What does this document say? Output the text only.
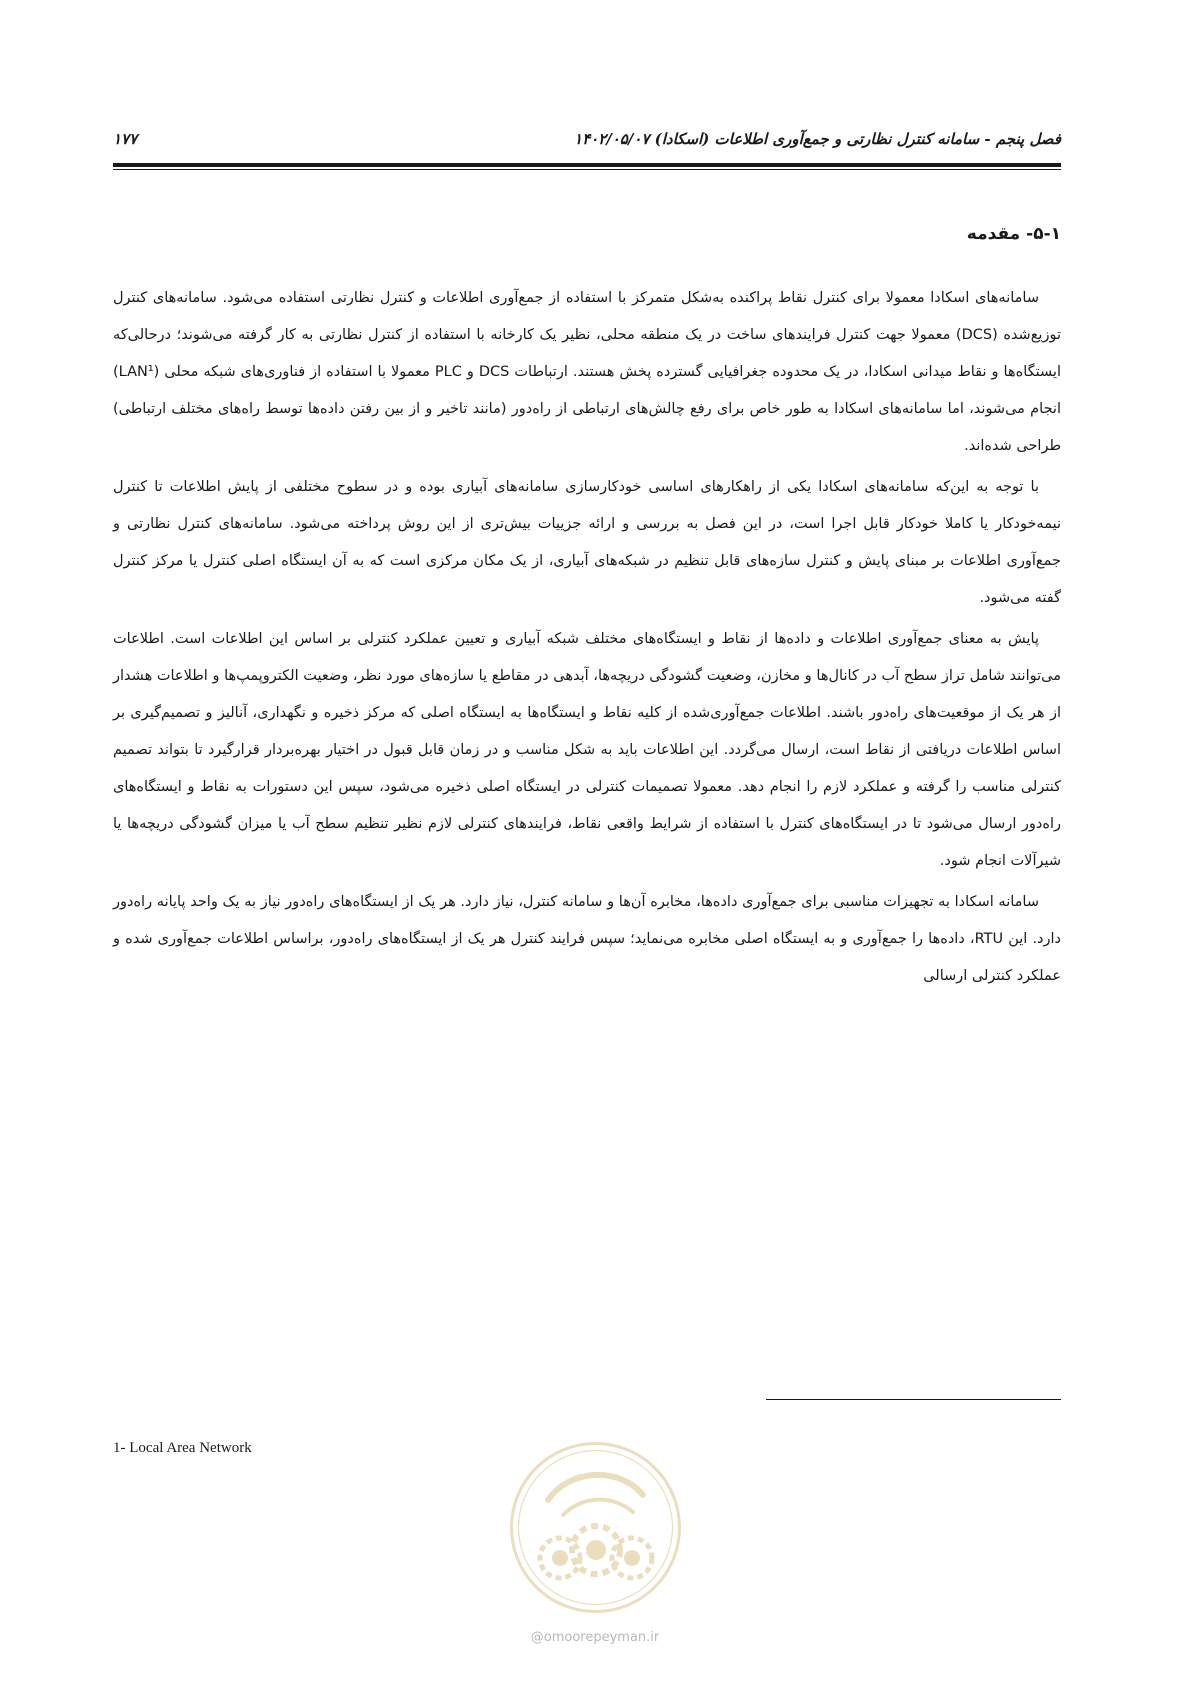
فصل پنجم - سامانه کنترل نظارتی و جمع‌آوری اطلاعات (اسکادا) ۱۴۰۲/۰۵/۰۷
۱۷۷
۵-۱- مقدمه

سامانه‌های اسکادا معمولا برای کنترل نقاط پراکنده به‌شکل متمرکز با استفاده از جمع‌آوری اطلاعات و کنترل نظارتی استفاده می‌شود. سامانه‌های کنترل توزیع‌شده (DCS) معمولا جهت کنترل فرایندهای ساخت در یک منطقه محلی، نظیر یک کارخانه با استفاده از کنترل نظارتی به کار گرفته می‌شوند؛ درحالی‌که ایستگاه‌ها و نقاط میدانی اسکادا، در یک محدوده جغرافیایی گسترده پخش هستند. ارتباطات DCS و PLC معمولا با استفاده از فناوری‌های شبکه محلی (LAN¹) انجام می‌شوند، اما سامانه‌های اسکادا به طور خاص برای رفع چالش‌های ارتباطی از راه‌دور (مانند تاخیر و از بین رفتن داده‌ها توسط راه‌های مختلف ارتباطی) طراحی شده‌اند.

با توجه به این‌که سامانه‌های اسکادا یکی از راهکارهای اساسی خودکارسازی سامانه‌های آبیاری بوده و در سطوح مختلفی از پایش اطلاعات تا کنترل نیمه‌خودکار یا کاملا خودکار قابل اجرا است، در این فصل به بررسی و ارائه جزییات بیش‌تری از این روش پرداخته می‌شود. سامانه‌های کنترل نظارتی و جمع‌آوری اطلاعات بر مبنای پایش و کنترل سازه‌های قابل تنظیم در شبکه‌های آبیاری، از یک مکان مرکزی است که به آن ایستگاه اصلی کنترل یا مرکز کنترل گفته می‌شود.

پایش به معنای جمع‌آوری اطلاعات و داده‌ها از نقاط و ایستگاه‌های مختلف شبکه آبیاری و تعیین عملکرد کنترلی بر اساس این اطلاعات است. اطلاعات می‌توانند شامل تراز سطح آب در کانال‌ها و مخازن، وضعیت گشودگی دریچه‌ها، آبدهی در مقاطع یا سازه‌های مورد نظر، وضعیت الکتروپمپ‌ها و اطلاعات هشدار از هر یک از موقعیت‌های راه‌دور باشند. اطلاعات جمع‌آوری‌شده از کلیه نقاط و ایستگاه‌ها به ایستگاه اصلی که مرکز ذخیره و نگهداری، آنالیز و تصمیم‌گیری بر اساس اطلاعات دریافتی از نقاط است، ارسال می‌گردد. این اطلاعات باید به شکل مناسب و در زمان قابل قبول در اختیار بهره‌بردار قرارگیرد تا بتواند تصمیم کنترلی مناسب را گرفته و عملکرد لازم را انجام دهد. معمولا تصمیمات کنترلی در ایستگاه اصلی ذخیره می‌شود، سپس این دستورات به نقاط و ایستگاه‌های راه‌دور ارسال می‌شود تا در ایستگاه‌های کنترل با استفاده از شرایط واقعی نقاط، فرایندهای کنترلی لازم نظیر تنظیم سطح آب یا میزان گشودگی دریچه‌ها یا شیرآلات انجام شود.

سامانه اسکادا به تجهیزات مناسبی برای جمع‌آوری داده‌ها، مخابره آن‌ها و سامانه کنترل، نیاز دارد. هر یک از ایستگاه‌های راه‌دور نیاز به یک واحد پایانه راه‌دور دارد. این RTU، داده‌ها را جمع‌آوری و به ایستگاه اصلی مخابره می‌نماید؛ سپس فرایند کنترل هر یک از ایستگاه‌های راه‌دور، براساس اطلاعات جمع‌آوری شده و عملکرد کنترلی ارسالی

1- Local Area Network
@omoorepeyman.ir
